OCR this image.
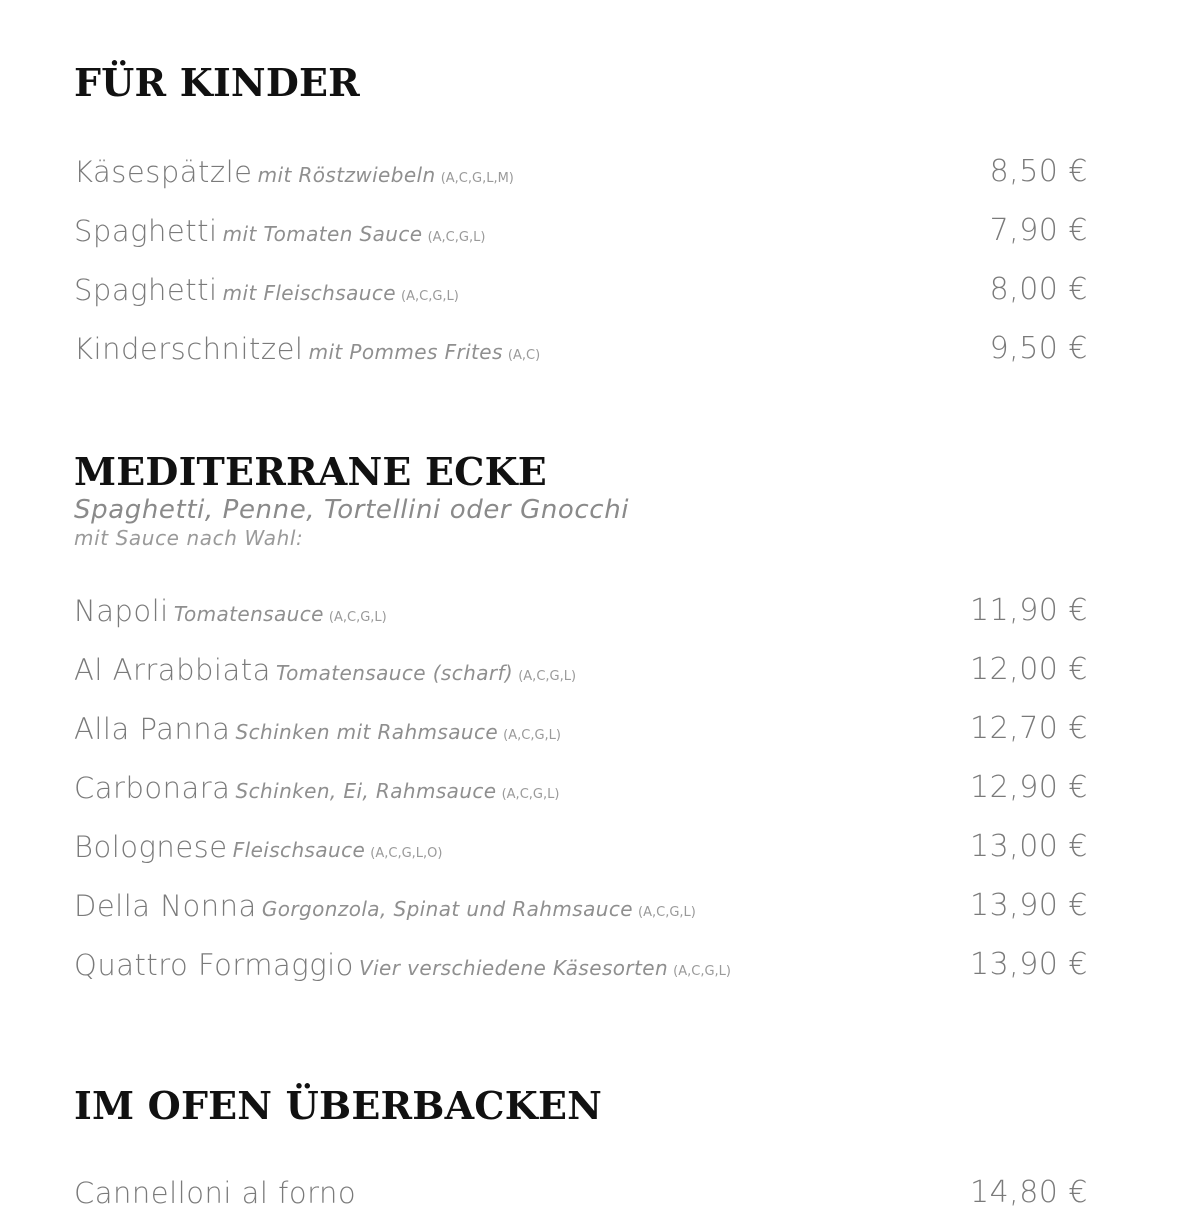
FÜR KINDER
Käsespätzle mit Röstzwiebeln (A,C,G,L,M)	8,50 €
Spaghetti mit Tomaten Sauce (A,C,G,L)	7,90 €
Spaghetti mit Fleischsauce (A,C,G,L)	8,00 €
Kinderschnitzel mit Pommes Frites (A,C)	9,50 €
MEDITERRANE ECKE
Spaghetti, Penne, Tortellini oder Gnocchi
mit Sauce nach Wahl:
Napoli Tomatensauce (A,C,G,L)	11,90 €
Al Arrabbiata Tomatensauce (scharf) (A,C,G,L)	12,00 €
Alla Panna Schinken mit Rahmsauce (A,C,G,L)	12,70 €
Carbonara Schinken, Ei, Rahmsauce (A,C,G,L)	12,90 €
Bolognese Fleischsauce (A,C,G,L,O)	13,00 €
Della Nonna Gorgonzola, Spinat und Rahmsauce (A,C,G,L)	13,90 €
Quattro Formaggio Vier verschiedene Käsesorten (A,C,G,L)	13,90 €
IM OFEN ÜBERBACKEN
Cannelloni al forno	14,80 €
